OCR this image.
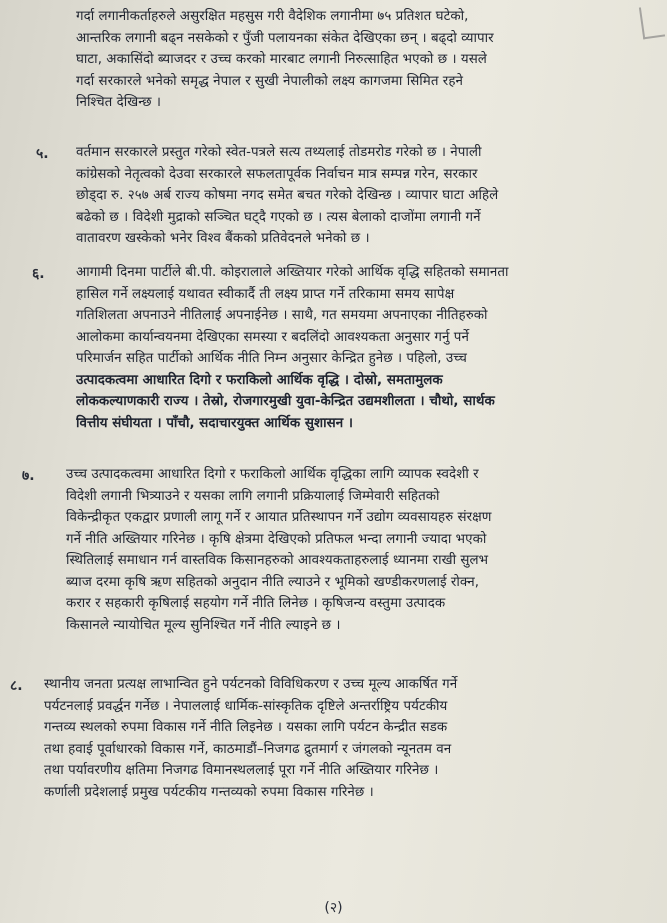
गर्दा लगानीकर्ताहरुले असुरक्षित महसुस गरी वैदेशिक लगानीमा ७५ प्रतिशत घटेको,
आन्तरिक लगानी बढ्न नसकेको र पुँजी पलायनका संकेत देखिएका छन् । बढ्दो व्यापार
घाटा, अकासिंदो ब्याजदर र उच्च करको मारबाट लगानी निरुत्साहित भएको छ । यसले
गर्दा सरकारले भनेको समृद्ध नेपाल र सुखी नेपालीको लक्ष्य कागजमा सिमित रहने
निश्चित देखिन्छ ।
५. वर्तमान सरकारले प्रस्तुत गरेको स्वेत-पत्रले सत्य तथ्यलाई तोडमरोड गरेको छ । नेपाली
कांग्रेसको नेतृत्वको देउवा सरकारले सफलतापूर्वक निर्वाचन मात्र सम्पन्न गरेन, सरकार
छोड्दा रु. २५७ अर्ब राज्य कोषमा नगद समेत बचत गरेको देखिन्छ । व्यापार घाटा अहिले
बढेको छ । विदेशी मुद्राको सञ्चित घट्दै गएको छ । त्यस बेलाको दाजोंमा लगानी गर्ने
वातावरण खस्केको भनेर विश्व बैंकको प्रतिवेदनले भनेको छ ।
६. आगामी दिनमा पार्टीले बी.पी. कोइरालाले अख्तियार गरेको आर्थिक वृद्धि सहितको समानता
हासिल गर्ने लक्ष्यलाई यथावत स्वीकार्दै ती लक्ष्य प्राप्त गर्ने तरिकामा समय सापेक्ष
गतिशिलता अपनाउने नीतिलाई अपनाईनेछ । साथै, गत समयमा अपनाएका नीतिहरुको
आलोकमा कार्यान्वयनमा देखिएका समस्या र बदलिंदो आवश्यकता अनुसार गर्नु पर्ने
परिमार्जन सहित पार्टीको आर्थिक नीति निम्न अनुसार केन्द्रित हुनेछ । पहिलो, उच्च
उत्पादकत्वमा आधारित दिगो र फराकिलो आर्थिक वृद्धि । दोस्रो, समतामुलक
लोककल्याणकारी राज्य । तेस्रो, रोजगारमुखी युवा-केन्द्रित उद्यमशीलता । चौथो, सार्थक
वित्तीय संघीयता । पाँचौ, सदाचारयुक्त आर्थिक सुशासन ।
७. उच्च उत्पादकत्वमा आधारित दिगो र फराकिलो आर्थिक वृद्धिका लागि व्यापक स्वदेशी र
विदेशी लगानी भित्र्याउने र यसका लागि लगानी प्रक्रियालाई जिम्मेवारी सहितको
विकेन्द्रीकृत एकद्वार प्रणाली लागू गर्ने र आयात प्रतिस्थापन गर्ने उद्योग व्यवसायहरु संरक्षण
गर्ने नीति अख्तियार गरिनेछ । कृषि क्षेत्रमा देखिएको प्रतिफल भन्दा लगानी ज्यादा भएको
स्थितिलाई समाधान गर्न वास्तविक किसानहरुको आवश्यकताहरुलाई ध्यानमा राखी सुलभ
ब्याज दरमा कृषि ऋण सहितको अनुदान नीति ल्याउने र भूमिको खण्डीकरणलाई रोक्न,
करार र सहकारी कृषिलाई सहयोग गर्ने नीति लिनेछ । कृषिजन्य वस्तुमा उत्पादक
किसानले न्यायोचित मूल्य सुनिश्चित गर्ने नीति ल्याइने छ ।
८. स्थानीय जनता प्रत्यक्ष लाभान्वित हुने पर्यटनको विविधिकरण र उच्च मूल्य आकर्षित गर्ने
पर्यटनलाई प्रवर्द्धन गर्नेछ । नेपाललाई धार्मिक-सांस्कृतिक दृष्टिले अन्तर्राष्ट्रिय पर्यटकीय
गन्तव्य स्थलको रुपमा विकास गर्ने नीति लिइनेछ । यसका लागि पर्यटन केन्द्रीत सडक
तथा हवाई पूर्वाधारको विकास गर्ने, काठमाडौं–निजगढ द्रुतमार्ग र जंगलको न्यूनतम वन
तथा पर्यावरणीय क्षतिमा निजगढ विमानस्थललाई पूरा गर्ने नीति अख्तियार गरिनेछ ।
कर्णाली प्रदेशलाई प्रमुख पर्यटकीय गन्तव्यको रुपमा विकास गरिनेछ ।
(२)
